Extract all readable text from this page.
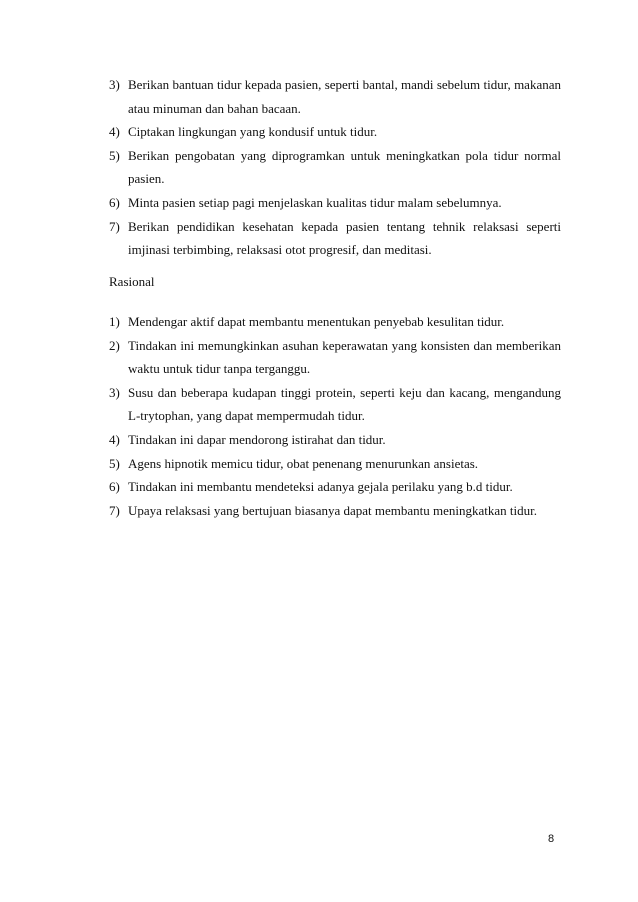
3) Berikan bantuan tidur kepada pasien, seperti bantal, mandi sebelum tidur, makanan atau minuman dan bahan bacaan.
4) Ciptakan lingkungan yang kondusif untuk tidur.
5) Berikan pengobatan yang diprogramkan untuk meningkatkan pola tidur normal pasien.
6) Minta pasien setiap pagi menjelaskan kualitas tidur malam sebelumnya.
7) Berikan pendidikan kesehatan kepada pasien tentang tehnik relaksasi seperti imjinasi terbimbing, relaksasi otot progresif, dan meditasi.
Rasional
1) Mendengar aktif dapat membantu menentukan penyebab kesulitan tidur.
2) Tindakan ini memungkinkan asuhan keperawatan yang konsisten dan memberikan waktu untuk tidur tanpa terganggu.
3) Susu dan beberapa kudapan tinggi protein, seperti keju dan kacang, mengandung L-trytophan, yang dapat mempermudah tidur.
4) Tindakan ini dapar mendorong istirahat dan tidur.
5) Agens hipnotik memicu tidur, obat penenang menurunkan ansietas.
6) Tindakan ini membantu mendeteksi adanya gejala perilaku yang b.d tidur.
7) Upaya relaksasi yang bertujuan biasanya dapat membantu meningkatkan tidur.
8
